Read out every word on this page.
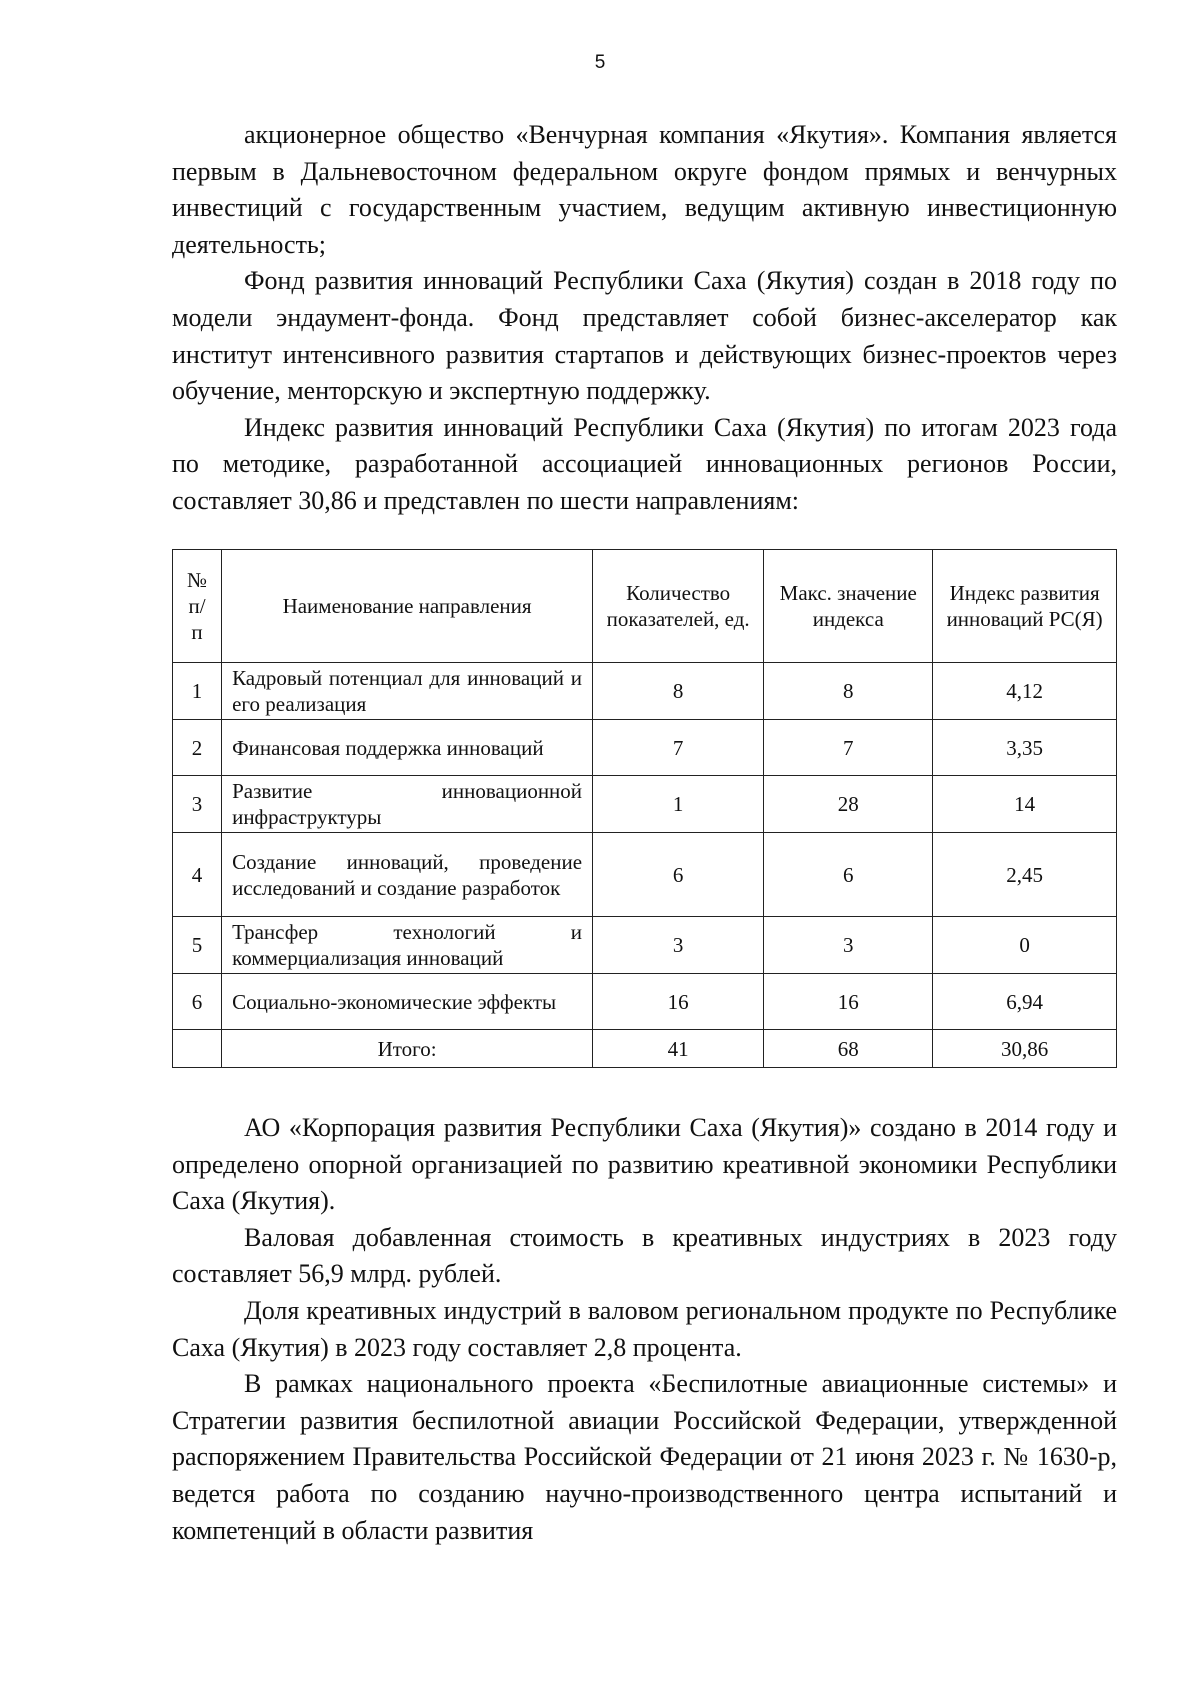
5

акционерное общество «Венчурная компания «Якутия». Компания является первым в Дальневосточном федеральном округе фондом прямых и венчурных инвестиций с государственным участием, ведущим активную инвестиционную деятельность;

Фонд развития инноваций Республики Саха (Якутия) создан в 2018 году по модели эндаумент-фонда. Фонд представляет собой бизнес-акселератор как институт интенсивного развития стартапов и действующих бизнес-проектов через обучение, менторскую и экспертную поддержку.

Индекс развития инноваций Республики Саха (Якутия) по итогам 2023 года по методике, разработанной ассоциацией инновационных регионов России, составляет 30,86 и представлен по шести направлениям:

№ п/п	Наименование направления	Количество показателей, ед.	Макс. значение индекса	Индекс развития инноваций РС(Я)
1	Кадровый потенциал для инноваций и его реализация	8	8	4,12
2	Финансовая поддержка инноваций	7	7	3,35
3	Развитие инновационной инфраструктуры	1	28	14
4	Создание инноваций, проведение исследований и создание разработок	6	6	2,45
5	Трансфер технологий и коммерциализация инноваций	3	3	0
6	Социально-экономические эффекты	16	16	6,94
	Итого:	41	68	30,86

АО «Корпорация развития Республики Саха (Якутия)» создано в 2014 году и определено опорной организацией по развитию креативной экономики Республики Саха (Якутия).

Валовая добавленная стоимость в креативных индустриях в 2023 году составляет 56,9 млрд. рублей.

Доля креативных индустрий в валовом региональном продукте по Республике Саха (Якутия) в 2023 году составляет 2,8 процента.

В рамках национального проекта «Беспилотные авиационные системы» и Стратегии развития беспилотной авиации Российской Федерации, утвержденной распоряжением Правительства Российской Федерации от 21 июня 2023 г. № 1630-р, ведется работа по созданию научно-производственного центра испытаний и компетенций в области развития
